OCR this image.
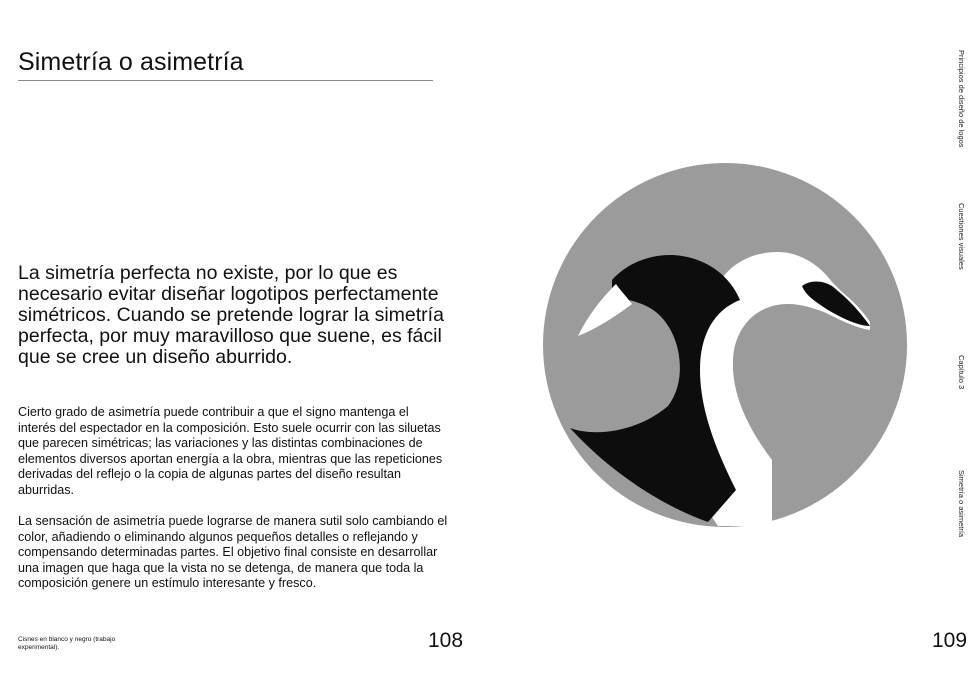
Simetría o asimetría

La simetría perfecta no existe, por lo que es necesario evitar diseñar logotipos perfectamente simétricos. Cuando se pretende lograr la simetría perfecta, por muy maravilloso que suene, es fácil que se cree un diseño aburrido.

Cierto grado de asimetría puede contribuir a que el signo mantenga el interés del espectador en la composición. Esto suele ocurrir con las siluetas que parecen simétricas; las variaciones y las distintas combinaciones de elementos diversos aportan energía a la obra, mientras que las repeticiones derivadas del reflejo o la copia de algunas partes del diseño resultan aburridas.

La sensación de asimetría puede lograrse de manera sutil solo cambiando el color, añadiendo o eliminando algunos pequeños detalles o reflejando y compensando determinadas partes. El objetivo final consiste en desarrollar una imagen que haga que la vista no se detenga, de manera que toda la composición genere un estímulo interesante y fresco.

Cisnes en blanco y negro (trabajo experimental).	108
Principios de diseño de logos
Cuestiones visuales
Capítulo 3
Simetría o asimetría
109
